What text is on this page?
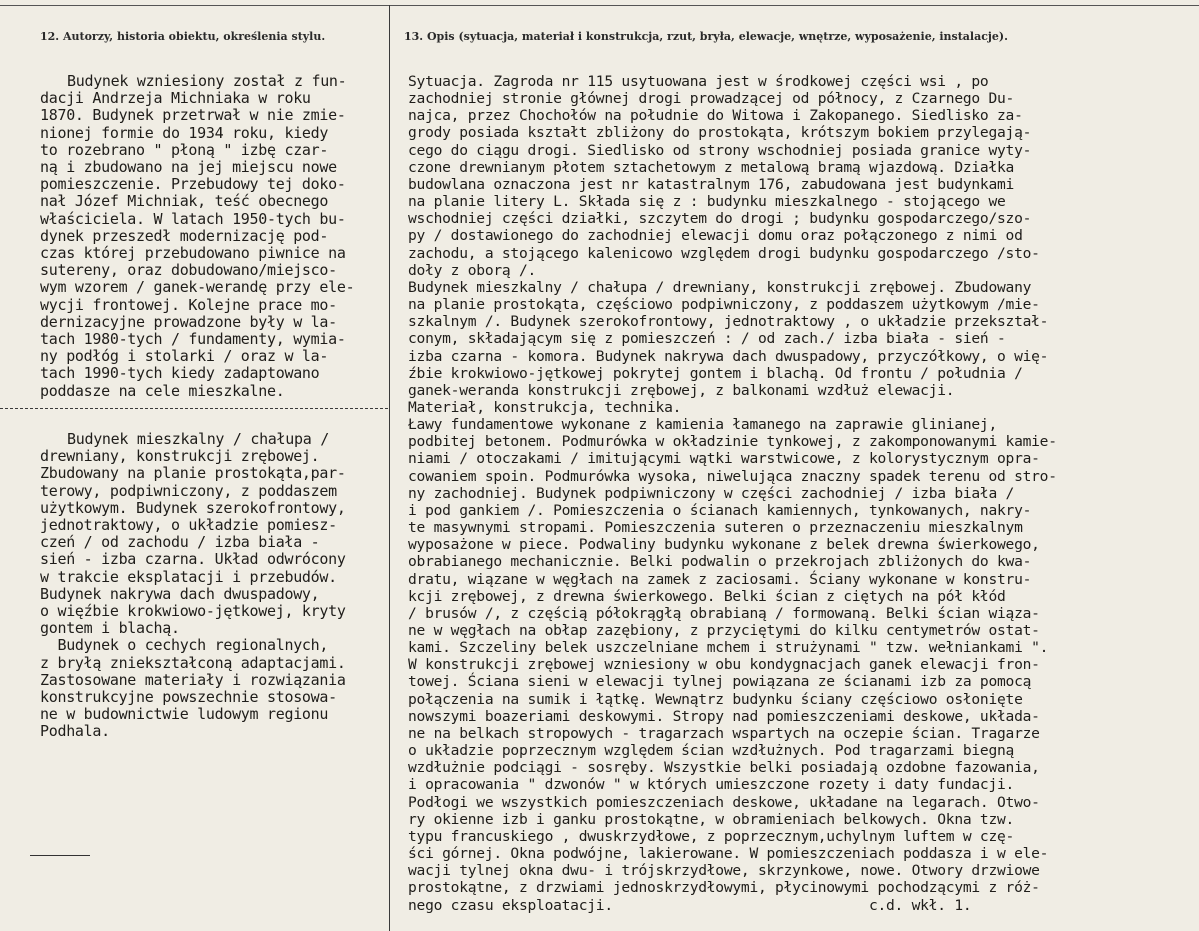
12. Autorzy, historia obiektu, określenia stylu.	13. Opis (sytuacja, materiał i konstrukcja, rzut, bryła, elewacje, wnętrze, wyposażenie, instalacje).
Budynek wzniesiony został z fun-
dacji Andrzeja Michniaka w roku
1870. Budynek przetrwał w nie zmie-
nionej formie do 1934 roku, kiedy
to rozebrano " płoną " izbę czar-
ną i zbudowano na jej miejscu nowe
pomieszczenie. Przebudowy tej doko-
nał Józef Michniak, teść obecnego
właściciela. W latach 1950-tych bu-
dynek przeszedł modernizację pod-
czas której przebudowano piwnice na
sutereny, oraz dobudowano/miejsco-
wym wzorem / ganek-werandę przy ele-
wycji frontowej. Kolejne prace mo-
dernizacyjne prowadzone były w la-
tach 1980-tych / fundamenty, wymia-
ny podłóg i stolarki / oraz w la-
tach 1990-tych kiedy zadaptowano
poddasze na cele mieszkalne.
Budynek mieszkalny / chałupa /
drewniany, konstrukcji zrębowej.
Zbudowany na planie prostokąta,par-
terowy, podpiwniczony, z poddaszem
użytkowym. Budynek szerokofrontowy,
jednotraktowy, o układzie pomiesz-
czeń / od zachodu / izba biała -
sień - izba czarna. Układ odwrócony
w trakcie eksplatacji i przebudów.
Budynek nakrywa dach dwuspadowy,
o więźbie krokwiowo-jętkowej, kryty
gontem i blachą.
Budynek o cechych regionalnych,
z bryłą zniekształconą adaptacjami.
Zastosowane materiały i rozwiązania
konstrukcyjne powszechnie stosowa-
ne w budownictwie ludowym regionu
Podhala.
Sytuacja. Zagroda nr 115 usytuowana jest w środkowej części wsi , po
zachodniej stronie głównej drogi prowadzącej od północy, z Czarnego Du-
najca, przez Chochołów na południe do Witowa i Zakopanego. Siedlisko za-
grody posiada kształt zbliżony do prostokąta, krótszym bokiem przylegają-
cego do ciągu drogi. Siedlisko od strony wschodniej posiada granice wyty-
czone drewnianym płotem sztachetowym z metalową bramą wjazdową. Działka
budowlana oznaczona jest nr katastralnym 176, zabudowana jest budynkami
na planie litery L. Składa się z : budynku mieszkalnego - stojącego we
wschodniej części działki, szczytem do drogi ; budynku gospodarczego/szo-
py / dostawionego do zachodniej elewacji domu oraz połączonego z nimi od
zachodu, a stojącego kalenicowo względem drogi budynku gospodarczego /sto-
doły z oborą /.
Budynek mieszkalny / chałupa / drewniany, konstrukcji zrębowej. Zbudowany
na planie prostokąta, częściowo podpiwniczony, z poddaszem użytkowym /mie-
szkalnym /. Budynek szerokofrontowy, jednotraktowy , o układzie przekształ-
conym, składającym się z pomieszczeń : / od zach./ izba biała - sień -
izba czarna - komora. Budynek nakrywa dach dwuspadowy, przyczółkowy, o wię-
źbie krokwiowo-jętkowej pokrytej gontem i blachą. Od frontu / południa /
ganek-weranda konstrukcji zrębowej, z balkonami wzdłuż elewacji.
Materiał, konstrukcja, technika.
Ławy fundamentowe wykonane z kamienia łamanego na zaprawie glinianej,
podbitej betonem. Podmurówka w okładzinie tynkowej, z zakomponowanymi kamie-
niami / otoczakami / imitującymi wątki warstwicowe, z kolorystycznym opra-
cowaniem spoin. Podmurówka wysoka, niwelująca znaczny spadek terenu od stro-
ny zachodniej. Budynek podpiwniczony w części zachodniej / izba biała /
i pod gankiem /. Pomieszczenia o ścianach kamiennych, tynkowanych, nakry-
te masywnymi stropami. Pomieszczenia suteren o przeznaczeniu mieszkalnym
wyposażone w piece. Podwaliny budynku wykonane z belek drewna świerkowego,
obrabianego mechanicznie. Belki podwalin o przekrojach zbliżonych do kwa-
dratu, wiązane w węgłach na zamek z zaciosami. Ściany wykonane w konstru-
kcji zrębowej, z drewna świerkowego. Belki ścian z ciętych na pół kłód
/ brusów /, z częścią półokrągłą obrabianą / formowaną. Belki ścian wiąza-
ne w węgłach na obłap zazębiony, z przyciętymi do kilku centymetrów ostat-
kami. Szczeliny belek uszczelniane mchem i strużynami " tzw. wełniankami ".
W konstrukcji zrębowej wzniesiony w obu kondygnacjach ganek elewacji fron-
towej. Ściana sieni w elewacji tylnej powiązana ze ścianami izb za pomocą
połączenia na sumik i łątkę. Wewnątrz budynku ściany częściowo osłonięte
nowszymi boazeriami deskowymi. Stropy nad pomieszczeniami deskowe, układa-
ne na belkach stropowych - tragarzach wspartych na oczepie ścian. Tragarze
o układzie poprzecznym względem ścian wzdłużnych. Pod tragarzami biegną
wzdłużnie podciągi - sosręby. Wszystkie belki posiadają ozdobne fazowania,
i opracowania " dzwonów " w których umieszczone rozety i daty fundacji.
Podłogi we wszystkich pomieszczeniach deskowe, układane na legarach. Otwo-
ry okienne izb i ganku prostokątne, w obramieniach belkowych. Okna tzw.
typu francuskiego , dwuskrzydłowe, z poprzecznym,uchylnym luftem w czę-
ści górnej. Okna podwójne, lakierowane. W pomieszczeniach poddasza i w ele-
wacji tylnej okna dwu- i trójskrzydłowe, skrzynkowe, nowe. Otwory drzwiowe
prostokątne, z drzwiami jednoskrzydłowymi, płycinowymi pochodzącymi z róż-
nego czasu eksploatacji.                              c.d. wkł. 1.
